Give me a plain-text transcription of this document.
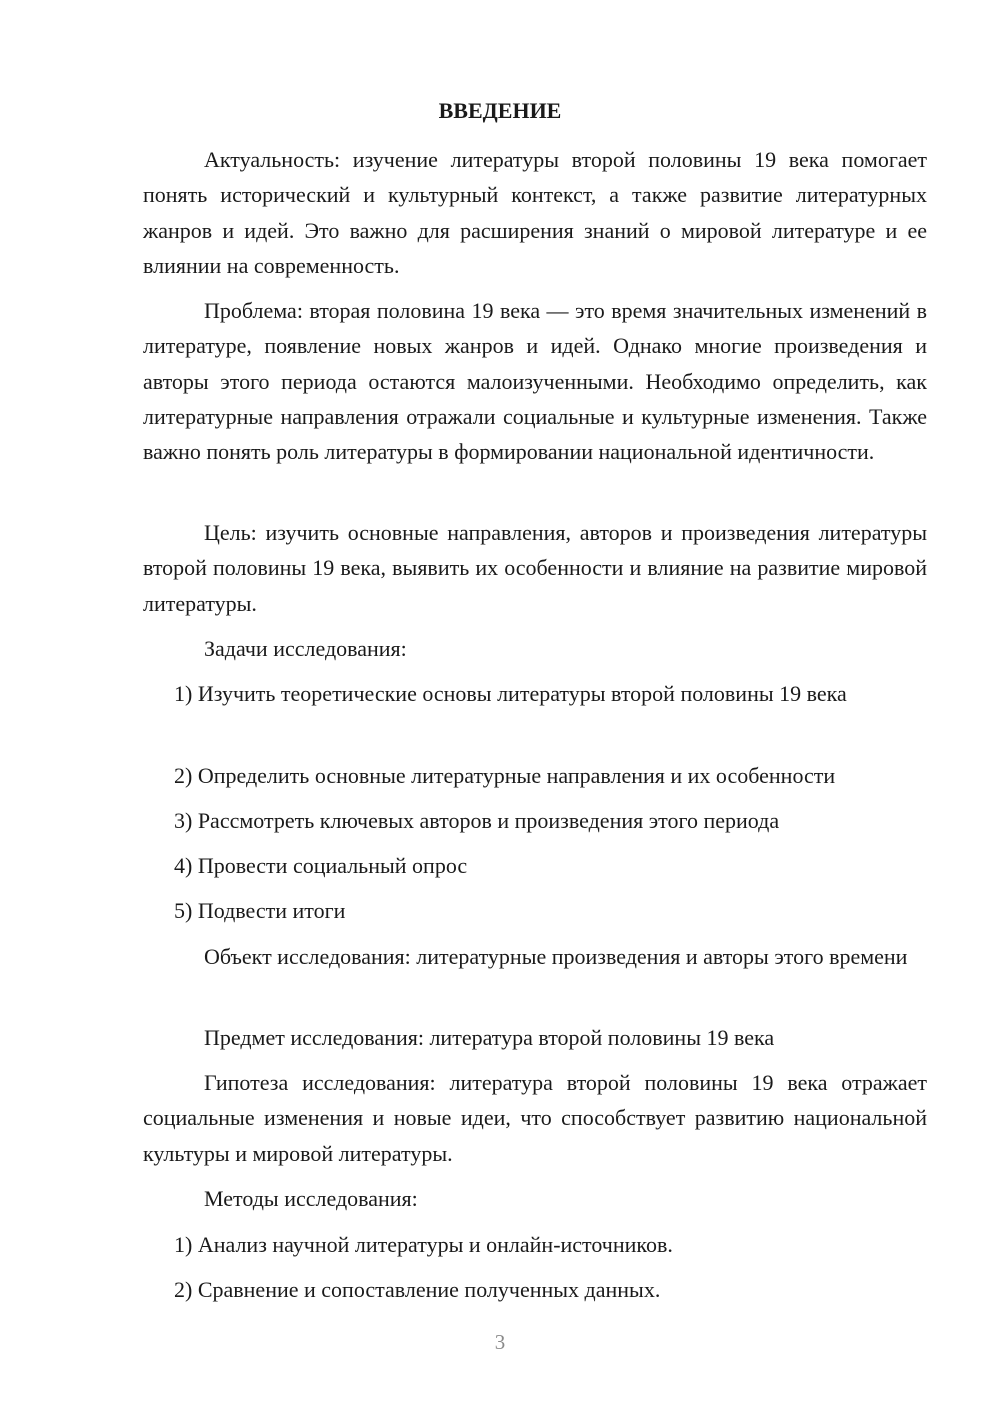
ВВЕДЕНИЕ

Актуальность: изучение литературы второй половины 19 века помогает понять исторический и культурный контекст, а также развитие литературных жанров и идей. Это важно для расширения знаний о мировой литературе и ее влиянии на современность.

Проблема: вторая половина 19 века — это время значительных изменений в литературе, появление новых жанров и идей. Однако многие произведения и авторы этого периода остаются малоизученными. Необходимо определить, как литературные направления отражали социальные и культурные изменения. Также важно понять роль литературы в формировании национальной идентичности.

Цель: изучить основные направления, авторов и произведения литературы второй половины 19 века, выявить их особенности и влияние на развитие мировой литературы.

Задачи исследования:

1) Изучить теоретические основы литературы второй половины 19 века

2) Определить основные литературные направления и их особенности

3) Рассмотреть ключевых авторов и произведения этого периода

4) Провести социальный опрос

5) Подвести итоги

Объект исследования: литературные произведения и авторы этого времени

Предмет исследования: литература второй половины 19 века

Гипотеза исследования: литература второй половины 19 века отражает социальные изменения и новые идеи, что способствует развитию национальной культуры и мировой литературы.

Методы исследования:

1) Анализ научной литературы и онлайн-источников.

2) Сравнение и сопоставление полученных данных.

3
